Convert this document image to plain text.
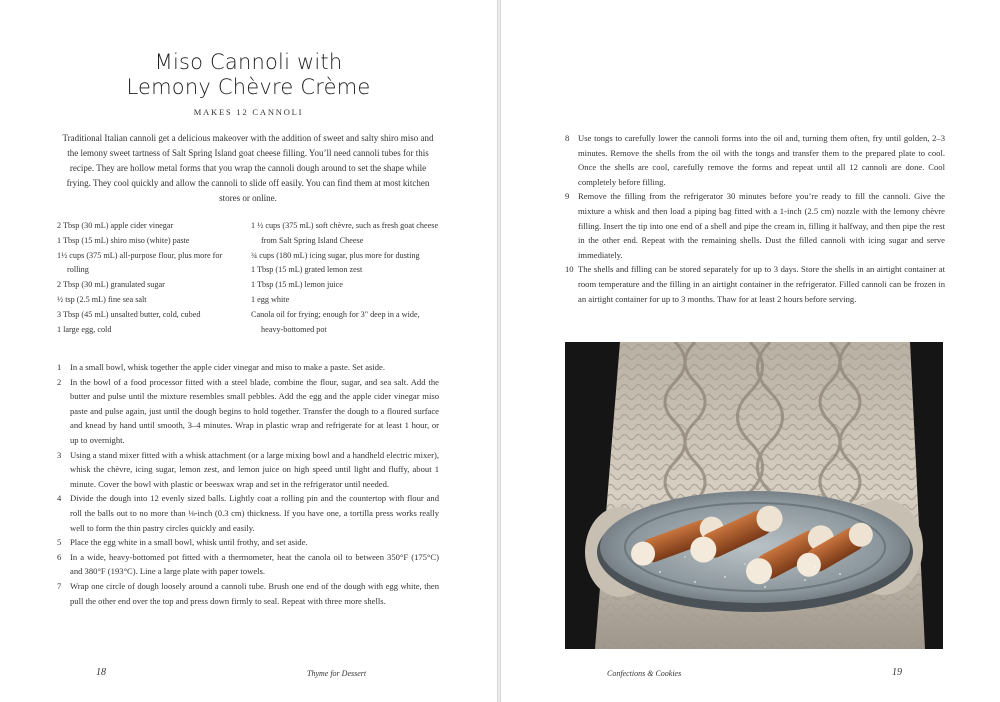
Miso Cannoli with
Lemony Chèvre Crème
MAKES 12 CANNOLI
Traditional Italian cannoli get a delicious makeover with the addition of sweet and salty shiro miso and the lemony sweet tartness of Salt Spring Island goat cheese filling. You’ll need cannoli tubes for this recipe. They are hollow metal forms that you wrap the cannoli dough around to set the shape while frying. They cool quickly and allow the cannoli to slide off easily. You can find them at most kitchen stores or online.

2 Tbsp (30 mL) apple cider vinegar

1 Tbsp (15 mL) shiro miso (white) paste

1½ cups (375 mL) all-purpose flour, plus more for rolling

2 Tbsp (30 mL) granulated sugar

½ tsp (2.5 mL) fine sea salt

3 Tbsp (45 mL) unsalted butter, cold, cubed

1 large egg, cold

1 ½ cups (375 mL) soft chèvre, such as fresh goat cheese from Salt Spring Island Cheese

¾ cups (180 mL) icing sugar, plus more for dusting

1 Tbsp (15 mL) grated lemon zest

1 Tbsp (15 mL) lemon juice

1 egg white

Canola oil for frying; enough for 3" deep in a wide, heavy-bottomed pot

1 In a small bowl, whisk together the apple cider vinegar and miso to make a paste. Set aside.
2 In the bowl of a food processor fitted with a steel blade, combine the flour, sugar, and sea salt. Add the butter and pulse until the mixture resembles small pebbles. Add the egg and the apple cider vinegar miso paste and pulse again, just until the dough begins to hold together. Transfer the dough to a floured surface and knead by hand until smooth, 3–4 minutes. Wrap in plastic wrap and refrigerate for at least 1 hour, or up to overnight.
3 Using a stand mixer fitted with a whisk attachment (or a large mixing bowl and a handheld electric mixer), whisk the chèvre, icing sugar, lemon zest, and lemon juice on high speed until light and fluffy, about 1 minute. Cover the bowl with plastic or beeswax wrap and set in the refrigerator until needed.
4 Divide the dough into 12 evenly sized balls. Lightly coat a rolling pin and the countertop with flour and roll the balls out to no more than ⅛-inch (0.3 cm) thickness. If you have one, a tortilla press works really well to form the thin pastry circles quickly and easily.
5 Place the egg white in a small bowl, whisk until frothy, and set aside.
6 In a wide, heavy-bottomed pot fitted with a thermometer, heat the canola oil to between 350°F (175°C) and 380°F (193°C). Line a large plate with paper towels.
7 Wrap one circle of dough loosely around a cannoli tube. Brush one end of the dough with egg white, then pull the other end over the top and press down firmly to seal. Repeat with three more shells.
18	Thyme for Dessert
8 Use tongs to carefully lower the cannoli forms into the oil and, turning them often, fry until golden, 2–3 minutes. Remove the shells from the oil with the tongs and transfer them to the prepared plate to cool. Once the shells are cool, carefully remove the forms and repeat until all 12 cannoli are done. Cool completely before filling.
9 Remove the filling from the refrigerator 30 minutes before you’re ready to fill the cannoli. Give the mixture a whisk and then load a piping bag fitted with a 1-inch (2.5 cm) nozzle with the lemony chèvre filling. Insert the tip into one end of a shell and pipe the cream in, filling it halfway, and then pipe the rest in the other end. Repeat with the remaining shells. Dust the filled cannoli with icing sugar and serve immediately.
10 The shells and filling can be stored separately for up to 3 days. Store the shells in an airtight container at room temperature and the filling in an airtight container in the refrigerator. Filled cannoli can be frozen in an airtight container for up to 3 months. Thaw for at least 2 hours before serving.
Confections & Cookies	19
